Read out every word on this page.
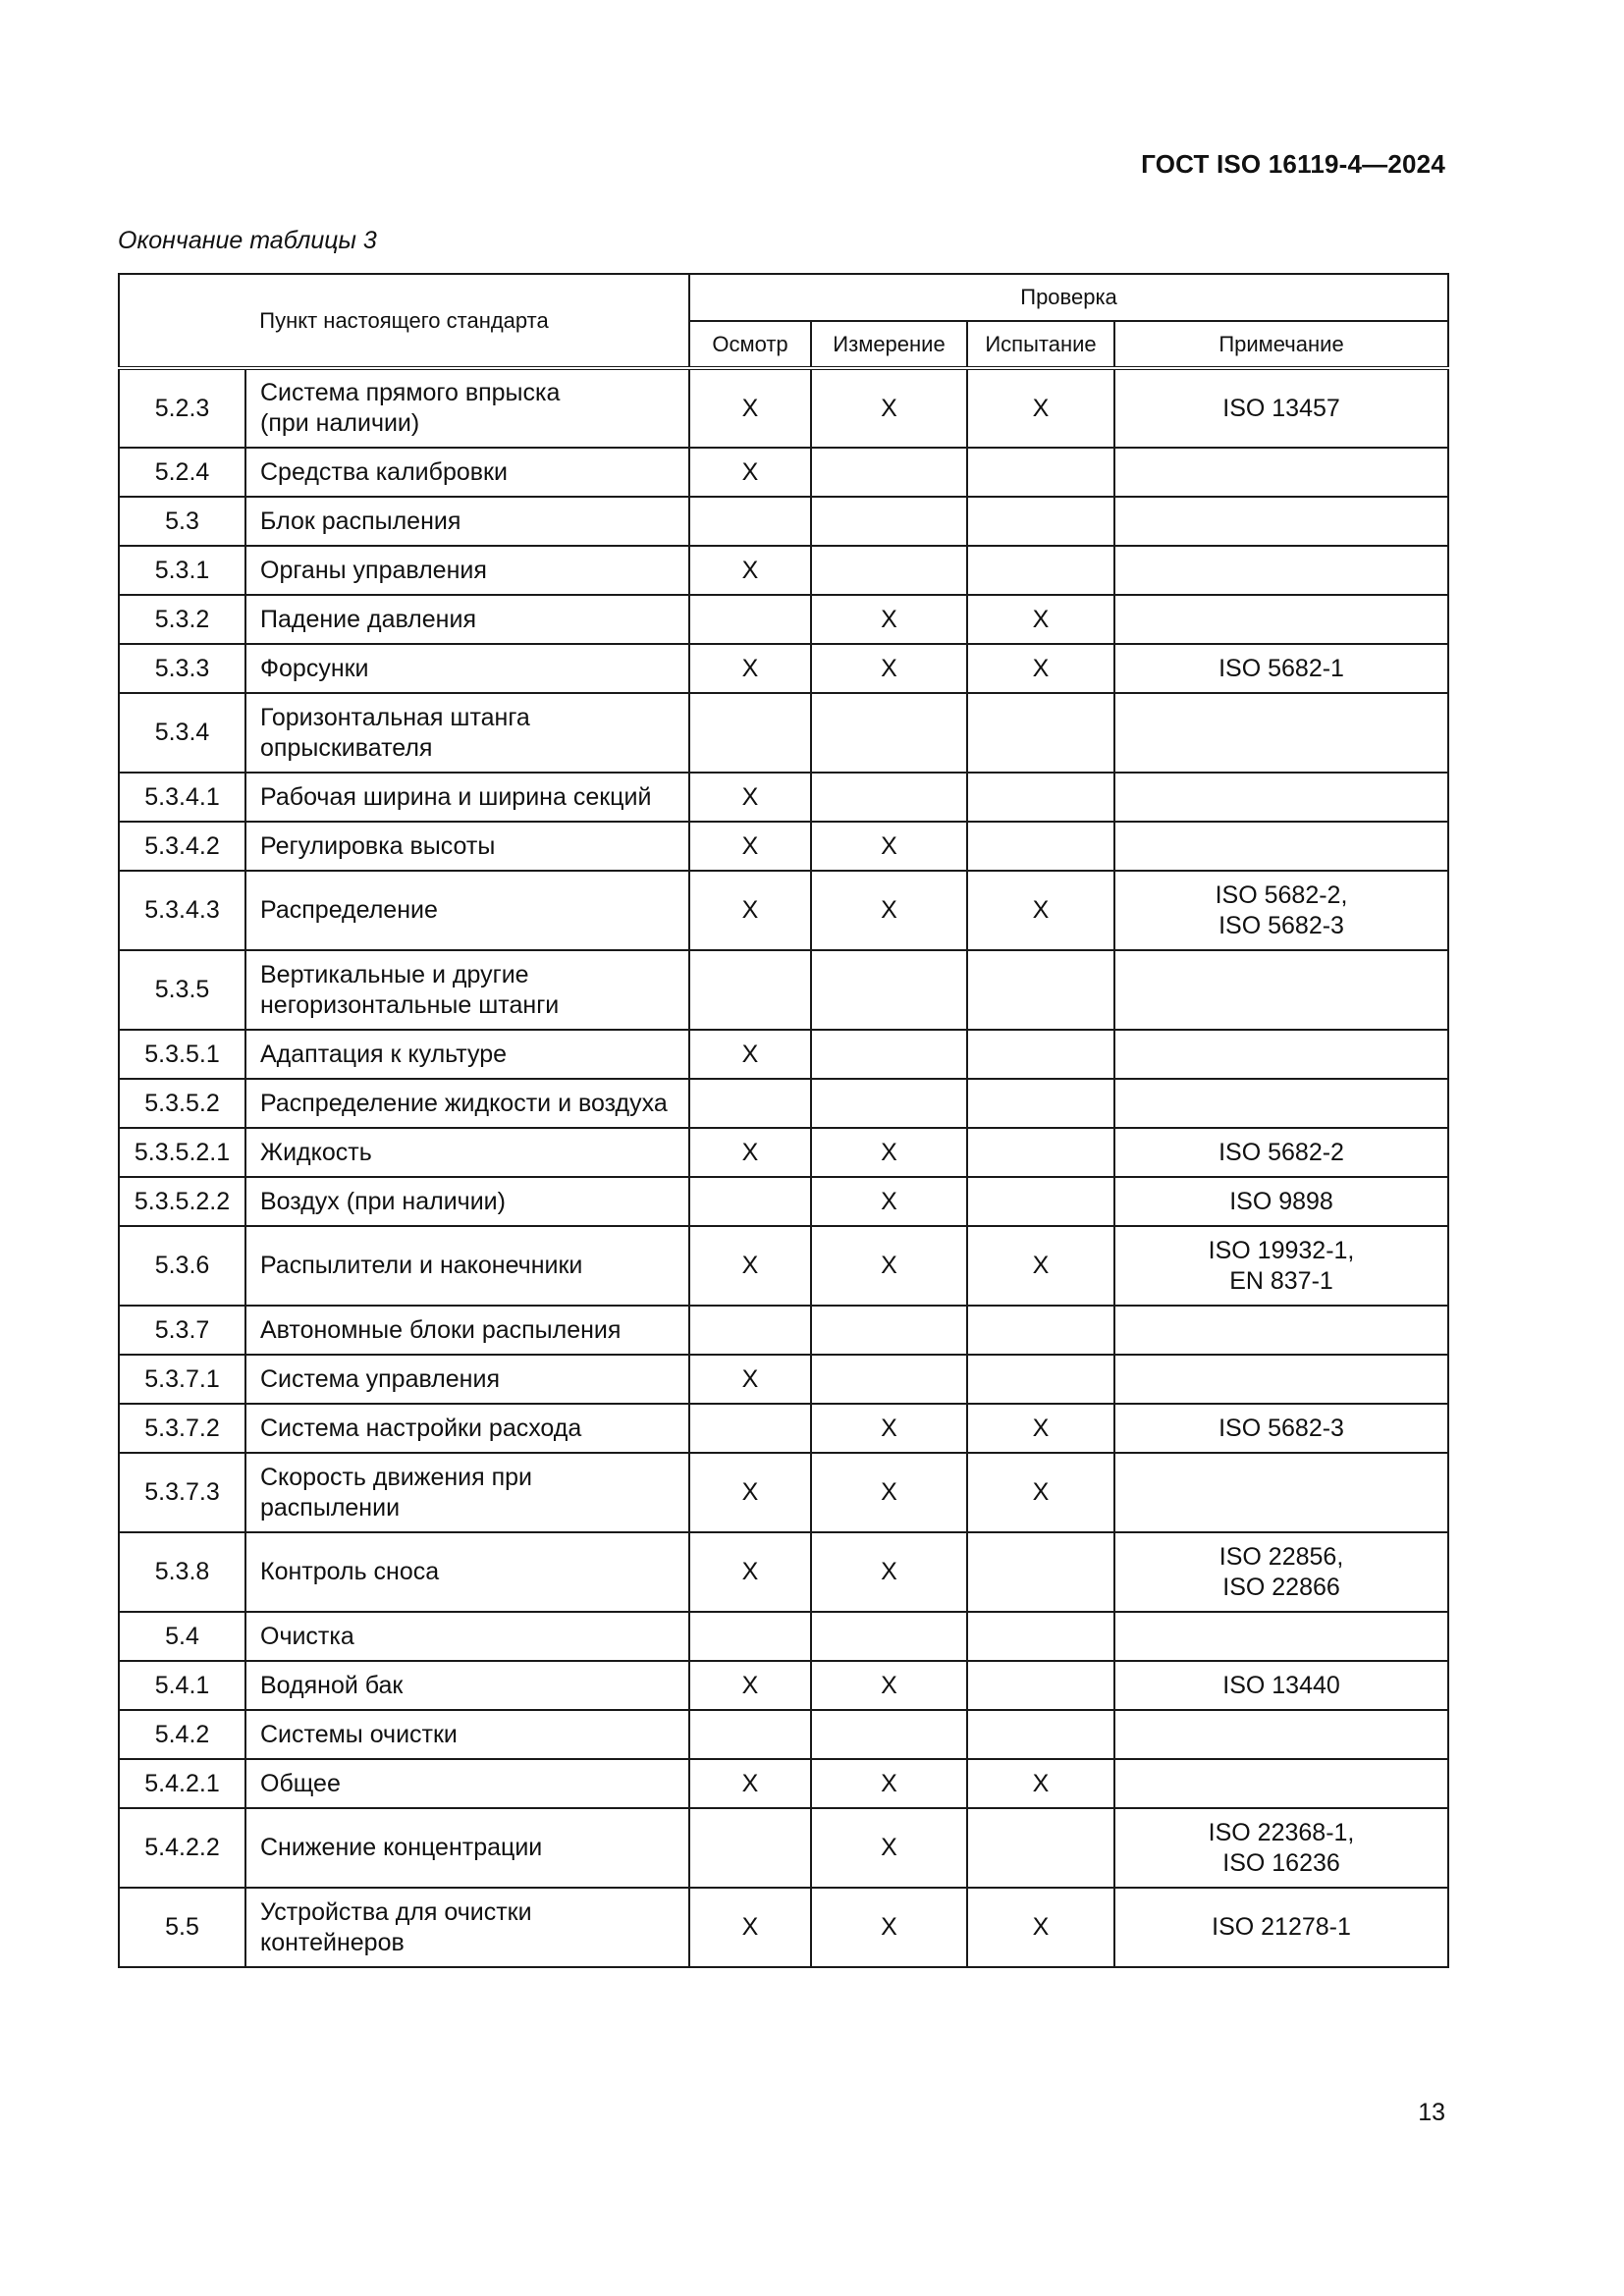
ГОСТ ISO 16119-4—2024
Окончание таблицы 3
Пункт настоящего стандарта		Проверка			
		Осмотр	Измерение	Испытание	Примечание
5.2.3	Система прямого впрыска
(при наличии)	X	X	X	ISO 13457
5.2.4	Средства калибровки	X			
5.3	Блок распыления				
5.3.1	Органы управления	X			
5.3.2	Падение давления		X	X	
5.3.3	Форсунки	X	X	X	ISO 5682-1
5.3.4	Горизонтальная штанга
опрыскивателя				
5.3.4.1	Рабочая ширина и ширина секций	X			
5.3.4.2	Регулировка высоты	X	X		
5.3.4.3	Распределение	X	X	X	ISO 5682-2,
ISO 5682-3
5.3.5	Вертикальные и другие
негоризонтальные штанги				
5.3.5.1	Адаптация к культуре	X			
5.3.5.2	Распределение жидкости и воздуха				
5.3.5.2.1	Жидкость	X	X		ISO 5682-2
5.3.5.2.2	Воздух (при наличии)		X		ISO 9898
5.3.6	Распылители и наконечники	X	X	X	ISO 19932-1,
EN 837-1
5.3.7	Автономные блоки распыления				
5.3.7.1	Система управления	X			
5.3.7.2	Система настройки расхода		X	X	ISO 5682-3
5.3.7.3	Скорость движения при
распылении	X	X	X	
5.3.8	Контроль сноса	X	X		ISO 22856,
ISO 22866
5.4	Очистка				
5.4.1	Водяной бак	X	X		ISO 13440
5.4.2	Системы очистки				
5.4.2.1	Общее	X	X	X	
5.4.2.2	Снижение концентрации		X		ISO 22368-1,
ISO 16236
5.5	Устройства для очистки
контейнеров	X	X	X	ISO 21278-1
13
